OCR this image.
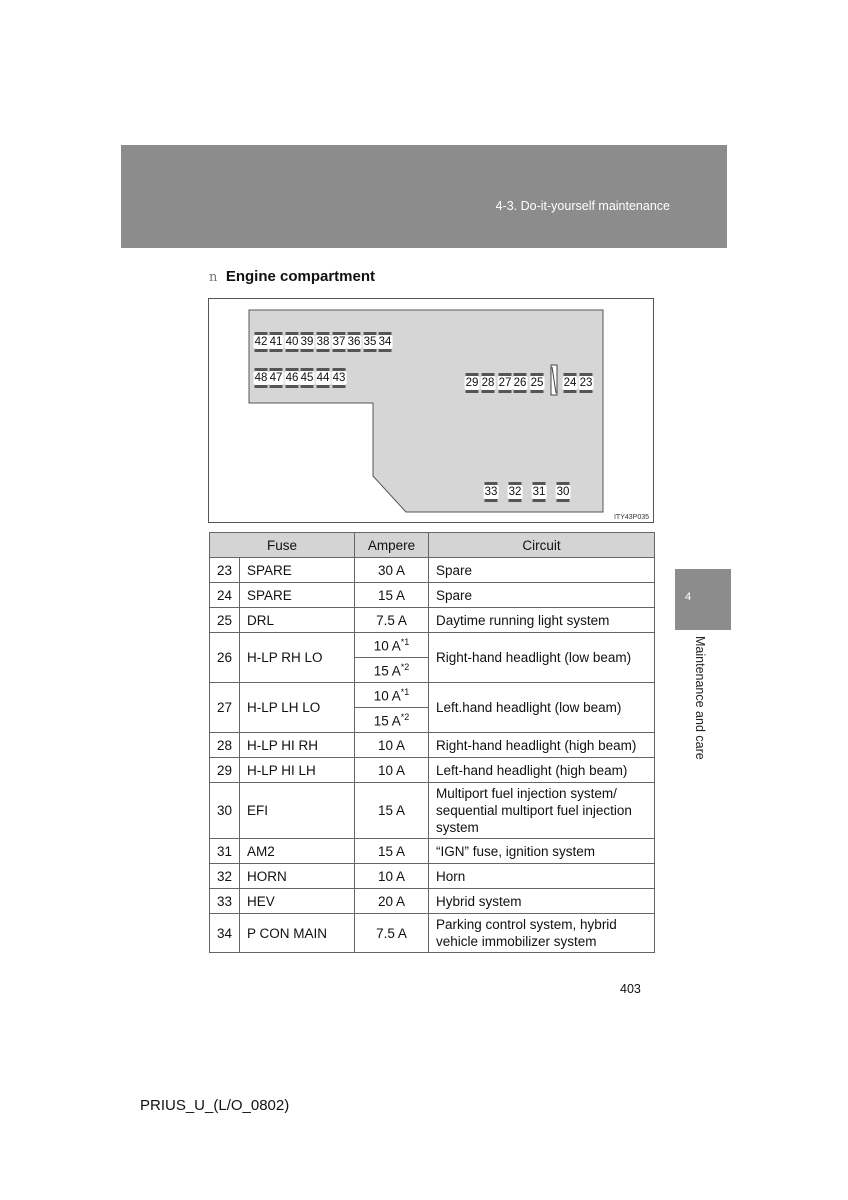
4-3. Do-it-yourself maintenance
4
Maintenance and care
n Engine compartment
42 41 40 39 38 37 36 35 34
48 47 46 45 44 43	29 28 27 26 25 24 23
33 32 31 30
ITY43P035
Fuse		Ampere	Circuit
23	SPARE	30 A	Spare
24	SPARE	15 A	Spare
25	DRL	7.5 A	Daytime running light system
26	H-LP RH LO	10 $A^{*1}$	Right-hand headlight (low beam)
		15 $A^{*2}$
27	H-LP LH LO	10 $A^{*1}$	Left.hand headlight (low beam)
		15 $A^{*2}$
28	H-LP HI RH	10 A	Right-hand headlight (high beam)
29	H-LP HI LH	10 A	Left-hand headlight (high beam)
30	EFI	15 A	Multiport fuel injection system/ sequential multiport fuel injection system
31	AM2	15 A	“IGN” fuse, ignition system
32	HORN	10 A	Horn
33	HEV	20 A	Hybrid system
34	P CON MAIN	7.5 A	Parking control system, hybrid vehicle immobilizer system
403
PRIUS_U_(L/O_0802)
